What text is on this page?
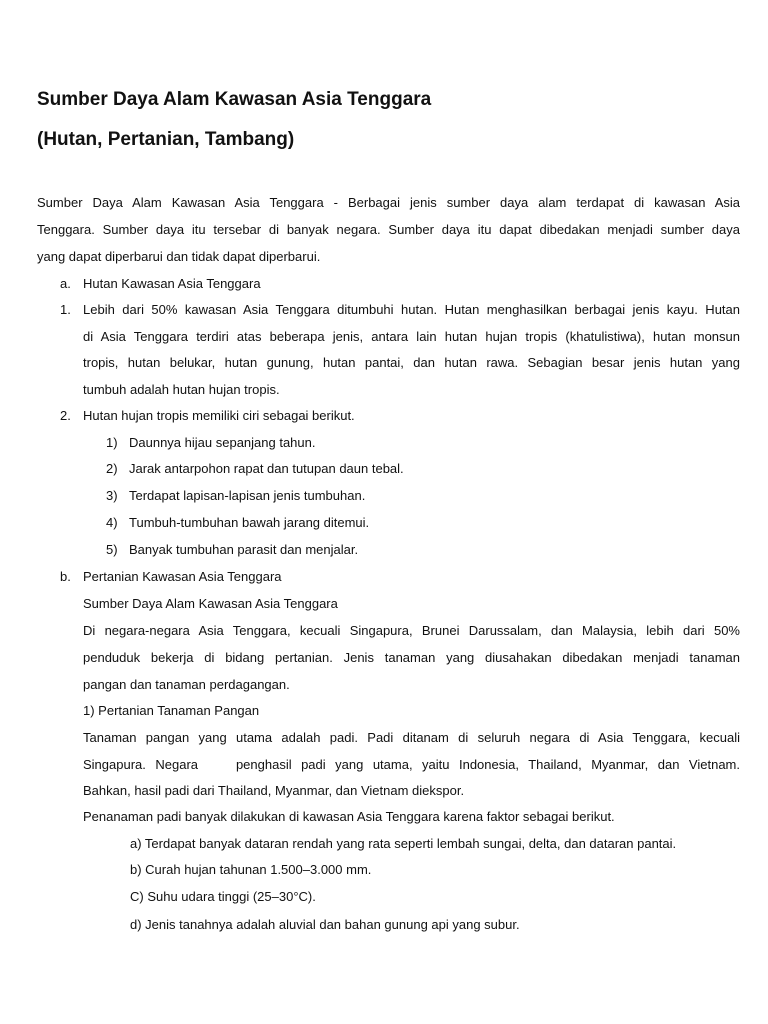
Sumber Daya Alam Kawasan Asia Tenggara
(Hutan, Pertanian, Tambang)
Sumber Daya Alam Kawasan Asia Tenggara - Berbagai jenis sumber daya alam terdapat di kawasan Asia
Tenggara. Sumber daya itu tersebar di banyak negara. Sumber daya itu dapat dibedakan menjadi sumber daya
yang dapat diperbarui dan tidak dapat diperbarui.
a. Hutan Kawasan Asia Tenggara
1. Lebih dari 50% kawasan Asia Tenggara ditumbuhi hutan. Hutan menghasilkan berbagai jenis kayu. Hutan
di Asia Tenggara terdiri atas beberapa jenis, antara lain hutan hujan tropis (khatulistiwa), hutan monsun
tropis, hutan belukar, hutan gunung, hutan pantai, dan hutan rawa. Sebagian besar jenis hutan yang
tumbuh adalah hutan hujan tropis.
2. Hutan hujan tropis memiliki ciri sebagai berikut.
1) Daunnya hijau sepanjang tahun.
2) Jarak antarpohon rapat dan tutupan daun tebal.
3) Terdapat lapisan-lapisan jenis tumbuhan.
4) Tumbuh-tumbuhan bawah jarang ditemui.
5) Banyak tumbuhan parasit dan menjalar.
b. Pertanian Kawasan Asia Tenggara
Sumber Daya Alam Kawasan Asia Tenggara
Di negara-negara Asia Tenggara, kecuali Singapura, Brunei Darussalam, dan Malaysia, lebih dari 50%
penduduk bekerja di bidang pertanian. Jenis tanaman yang diusahakan dibedakan menjadi tanaman
pangan dan tanaman perdagangan.
1) Pertanian Tanaman Pangan
Tanaman pangan yang utama adalah padi. Padi ditanam di seluruh negara di Asia Tenggara, kecuali
Singapura. Negara    penghasil padi yang utama, yaitu Indonesia, Thailand, Myanmar, dan Vietnam.
Bahkan, hasil padi dari Thailand, Myanmar, dan Vietnam diekspor.
Penanaman padi banyak dilakukan di kawasan Asia Tenggara karena faktor sebagai berikut.
a) Terdapat banyak dataran rendah yang rata seperti lembah sungai, delta, dan dataran pantai.
b) Curah hujan tahunan 1.500–3.000 mm.
C) Suhu udara tinggi (25–30°C).
d) Jenis tanahnya adalah aluvial dan bahan gunung api yang subur.
